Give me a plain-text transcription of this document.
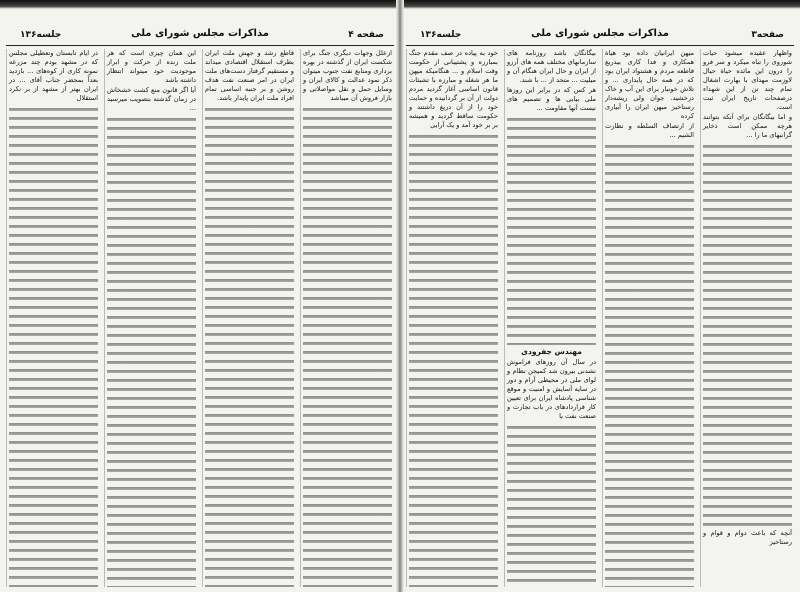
صفحه ۴
مذاکرات مجلس شورای ملی
جلسه۱۳۶

ازعلل وجهات دیگری جنگ برای شکست ایران از گذشته در بهره برداری ومنابع نفت جنوب میتوان ذکر نمود عدالت و کالای ایران و وسایل حمل و نقل مواصلاتی و بازار فروش آن میباشد

قاطع رشد و جهش ملت ایران بطرف استقلال اقتصادی میداند و مستقیم گرفتار دست‌های ملت ایران در امر صنعت نفت هدف روشن و بر جنبه اساسی تمام افراد ملت ایران پایدار باشد.

این همان چیزی است که هر ملت زنده از حرکت و ابراز موجودیت خود میتواند انتظار داشته باشد

آیا اگر قانون منع کشت خشخاش در زمان گذشته بتصویب میرسید ...

در ایام تابستان وتعطیلی مجلس که در مشهد بودم چند مزرعه نمونه کاری از کوه‌های ... بازدید بعداً بمحضر جناب آقای ... در ایران بهتر از مشهد از بر نکرد استقلال

صفحه۳
مذاکرات مجلس شورای ملی
جلسه۱۳۶

واظهار عقیده میشود حیات شوروی را تباه میکرد و سر فرو را درون این مائده حیاة حیال لاوزمت مهدای با بهارت اشغال تمام چند تن از این شهداء درصفحات تاریخ ایران ثبت است.

و اما بیگانگان برای آنکه بتوانند هرچه ممکن است ذخایر گرانبهای ما را ...

آنچه که باعث دوام و قوام و رستاخیز

میهن ایرانیان داده بود هیاة همکاری و فدا کاری بیدریغ قاطعه مردم و هشتواد ایران بود که در همه حال پایداری ... و تلاش خونبار برای این آب و خاک درخشید. جوان ولی ریشه‌دار رستاخیز میهن ایران را آبیاری کرده

از ارتصاف السلطه و نظارت الشیم ...

بیگانگان باشد روزنامه های سازمانهای مختلف همه های آرزو از ایران و حال ایران هنگام آن و میلیت ... متحد از ... با شند.

هر کس که در برابر این روزها ملی بیابی ها و تصمیم های نیست آنها مقاومت ...

مهندس جفرودی

در سال آن روزهای فراموش نشدنی بیرون شد کمیجن نظام و لوای ملی در محیطی آرام و دور در سایه آسایش و امنیت و موقع شناسی پادشاه ایران برای تعیین کار قراردادهای در باب تجارت و صنعت نفت یا

خود به پیاده در صف مقدم جنگ بمبارزه و پشتیبانی از حکومت وقت اسلام و ... هنگامیکه میهن ما هر شغله و مبارزه با تشبثات قانون اساسی آغاز گردید مردم دولت از آن بر گردانیده و حمایت خود را از آن دریغ داشتند و حکومت ساقط گردید و همیشه بر بر خود آمد و یک آرایی
